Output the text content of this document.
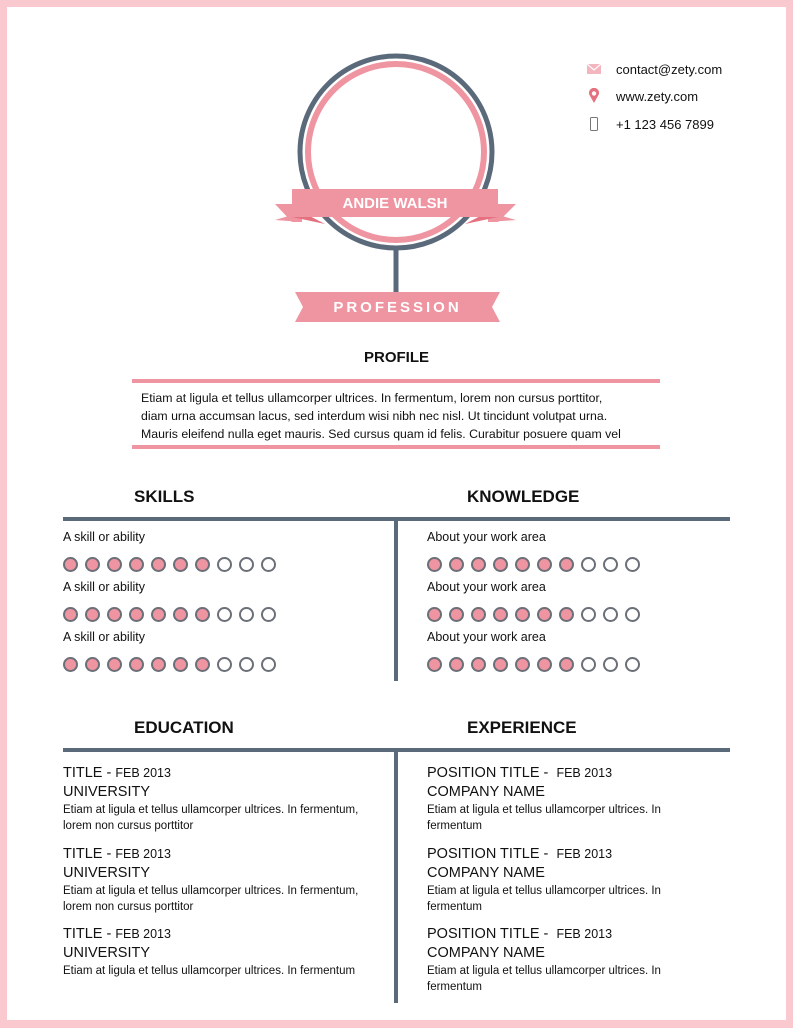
ANDIE WALSH
PROFESSION
contact@zety.com
www.zety.com
+1 123 456 7899
PROFILE
Etiam at ligula et tellus ullamcorper ultrices. In fermentum, lorem non cursus porttitor,
diam urna accumsan lacus, sed interdum wisi nibh nec nisl. Ut tincidunt volutpat urna.
Mauris eleifend nulla eget mauris. Sed cursus quam id felis. Curabitur posuere quam vel
SKILLS	KNOWLEDGE
A skill or ability
A skill or ability
A skill or ability
About your work area
About your work area
About your work area
EDUCATION	EXPERIENCE
TITLE - FEB 2013
UNIVERSITY
Etiam at ligula et tellus ullamcorper ultrices. In fermentum,
lorem non cursus porttitor
TITLE - FEB 2013
UNIVERSITY
Etiam at ligula et tellus ullamcorper ultrices. In fermentum,
lorem non cursus porttitor
TITLE - FEB 2013
UNIVERSITY
Etiam at ligula et tellus ullamcorper ultrices. In fermentum
POSITION TITLE -  FEB 2013
COMPANY NAME
Etiam at ligula et tellus ullamcorper ultrices. In
fermentum
POSITION TITLE -  FEB 2013
COMPANY NAME
Etiam at ligula et tellus ullamcorper ultrices. In
fermentum
POSITION TITLE -  FEB 2013
COMPANY NAME
Etiam at ligula et tellus ullamcorper ultrices. In
fermentum
